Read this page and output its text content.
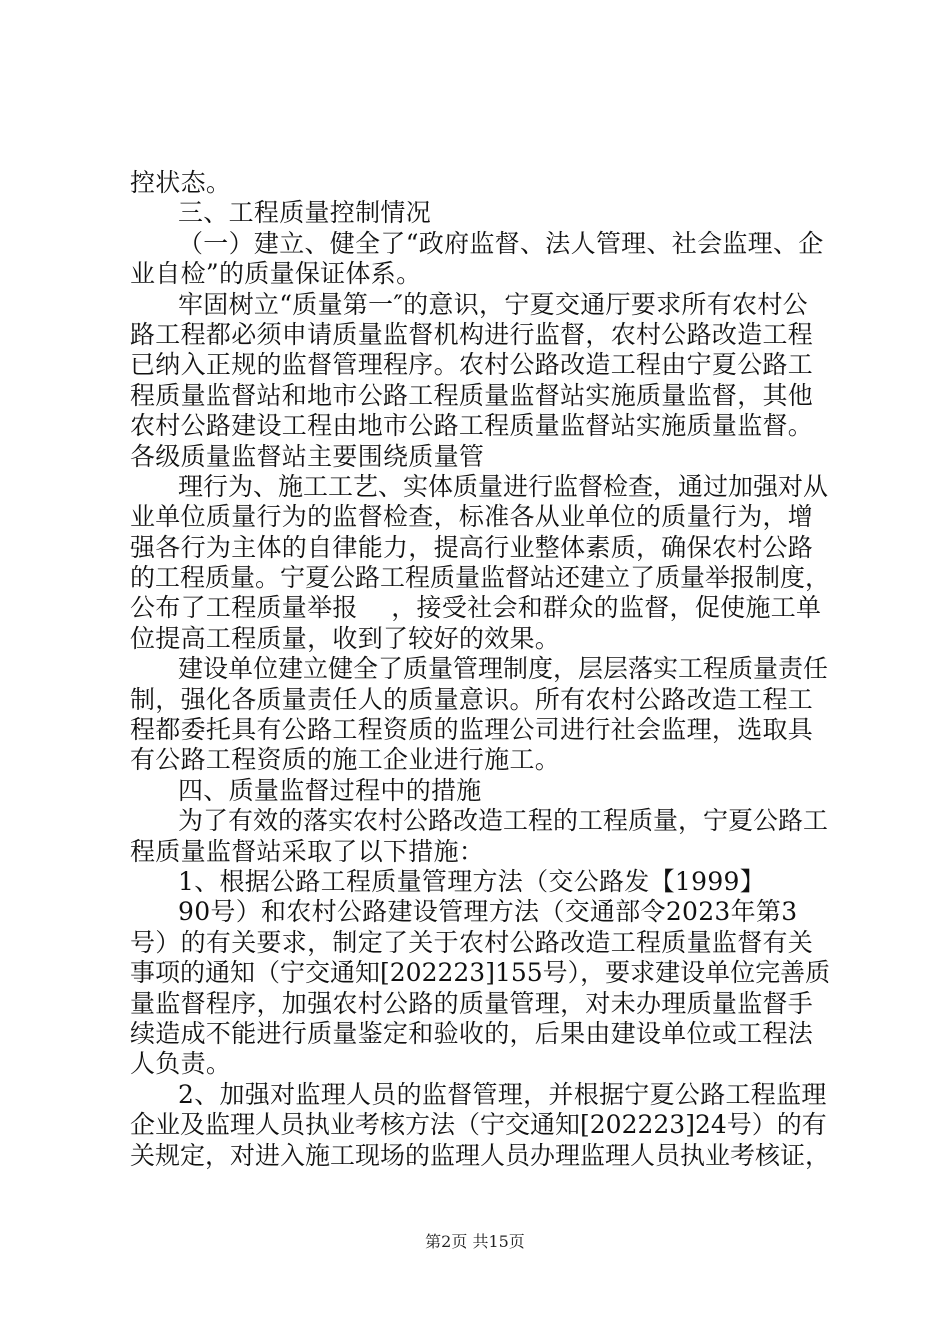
控状态。
三、工程质量控制情况
（一）建立、健全了“政府监督、法人管理、社会监理、企
业自检”的质量保证体系。
牢固树立“质量第一″的意识，宁夏交通厅要求所有农村公
路工程都必须申请质量监督机构进行监督，农村公路改造工程
已纳入正规的监督管理程序。农村公路改造工程由宁夏公路工
程质量监督站和地市公路工程质量监督站实施质量监督，其他
农村公路建设工程由地市公路工程质量监督站实施质量监督。
各级质量监督站主要围绕质量管
理行为、施工工艺、实体质量进行监督检查，通过加强对从
业单位质量行为的监督检查，标准各从业单位的质量行为，增
强各行为主体的自律能力，提高行业整体素质，确保农村公路
的工程质量。宁夏公路工程质量监督站还建立了质量举报制度，
公布了工程质量举报　 ，接受社会和群众的监督，促使施工单
位提高工程质量，收到了较好的效果。
建设单位建立健全了质量管理制度，层层落实工程质量责任
制，强化各质量责任人的质量意识。所有农村公路改造工程工
程都委托具有公路工程资质的监理公司进行社会监理，选取具
有公路工程资质的施工企业进行施工。
四、质量监督过程中的措施
为了有效的落实农村公路改造工程的工程质量，宁夏公路工
程质量监督站采取了以下措施：
1、根据公路工程质量管理方法（交公路发【1999】
90号）和农村公路建设管理方法（交通部令2023年第3
号）的有关要求，制定了关于农村公路改造工程质量监督有关
事项的通知（宁交通知[202223]155号），要求建设单位完善质
量监督程序，加强农村公路的质量管理，对未办理质量监督手
续造成不能进行质量鉴定和验收的，后果由建设单位或工程法
人负责。
2、加强对监理人员的监督管理，并根据宁夏公路工程监理
企业及监理人员执业考核方法（宁交通知[202223]24号）的有
关规定，对进入施工现场的监理人员办理监理人员执业考核证，
第2页 共15页
